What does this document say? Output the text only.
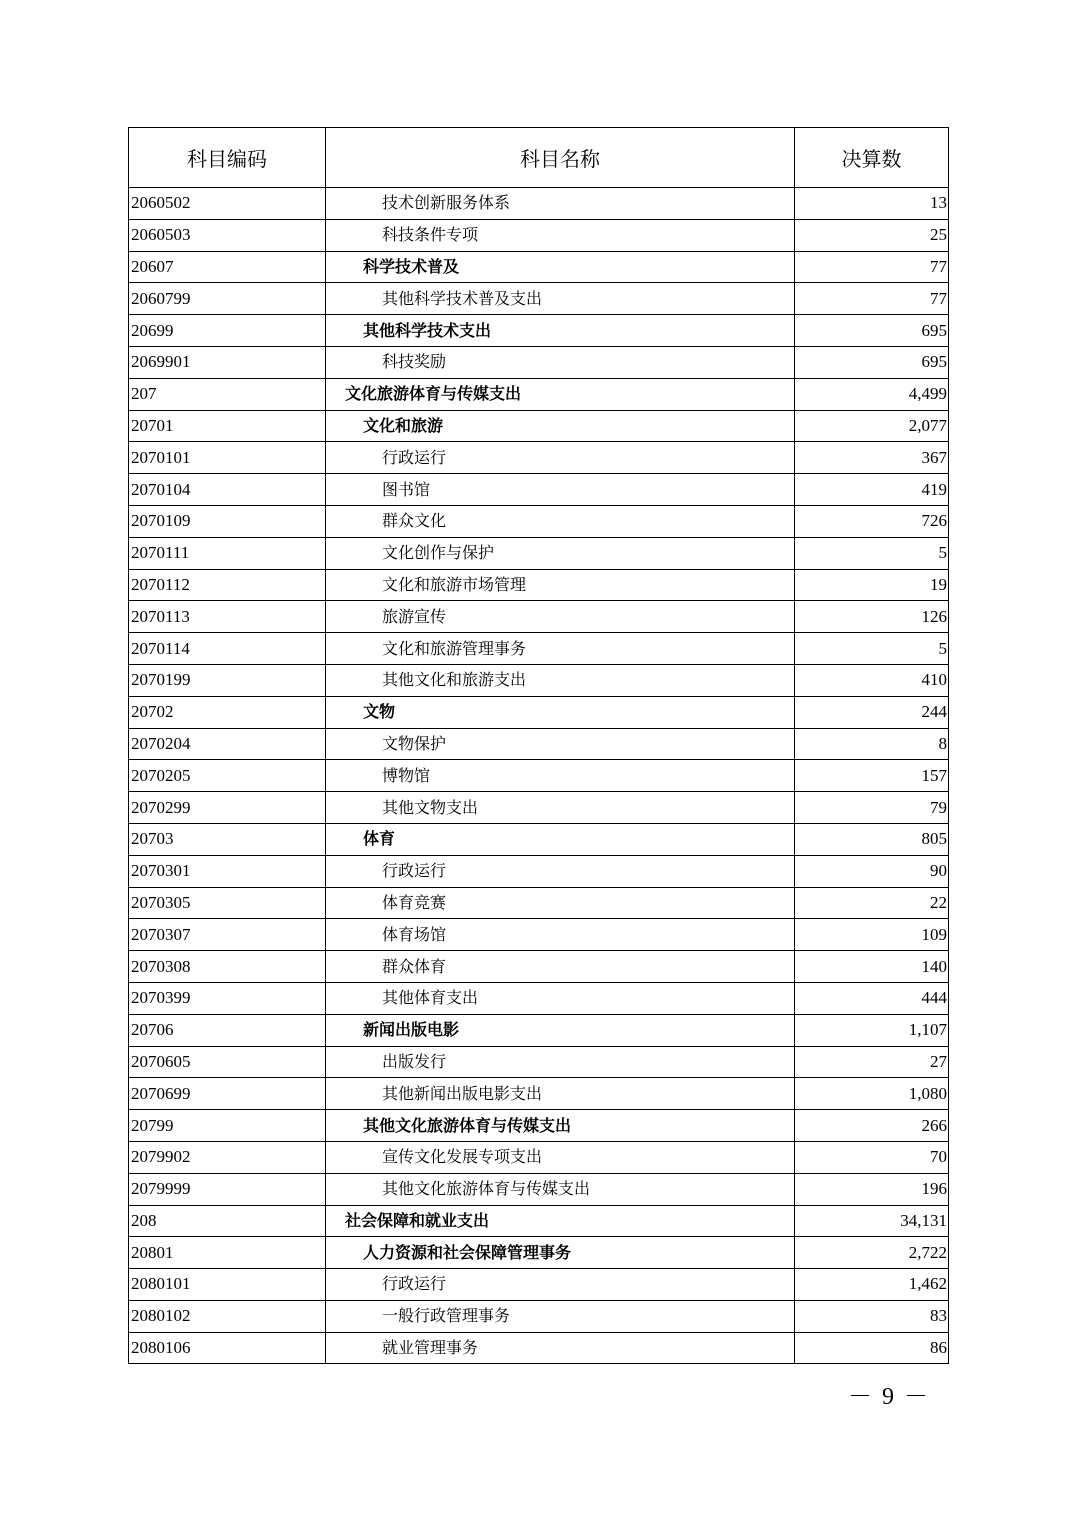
科目编码	科目名称	决算数
2060502	技术创新服务体系	13
2060503	科技条件专项	25
20607	科学技术普及	77
2060799	其他科学技术普及支出	77
20699	其他科学技术支出	695
2069901	科技奖励	695
207	文化旅游体育与传媒支出	4,499
20701	文化和旅游	2,077
2070101	行政运行	367
2070104	图书馆	419
2070109	群众文化	726
2070111	文化创作与保护	5
2070112	文化和旅游市场管理	19
2070113	旅游宣传	126
2070114	文化和旅游管理事务	5
2070199	其他文化和旅游支出	410
20702	文物	244
2070204	文物保护	8
2070205	博物馆	157
2070299	其他文物支出	79
20703	体育	805
2070301	行政运行	90
2070305	体育竞赛	22
2070307	体育场馆	109
2070308	群众体育	140
2070399	其他体育支出	444
20706	新闻出版电影	1,107
2070605	出版发行	27
2070699	其他新闻出版电影支出	1,080
20799	其他文化旅游体育与传媒支出	266
2079902	宣传文化发展专项支出	70
2079999	其他文化旅游体育与传媒支出	196
208	社会保障和就业支出	34,131
20801	人力资源和社会保障管理事务	2,722
2080101	行政运行	1,462
2080102	一般行政管理事务	83
2080106	就业管理事务	86
－ 9 －
